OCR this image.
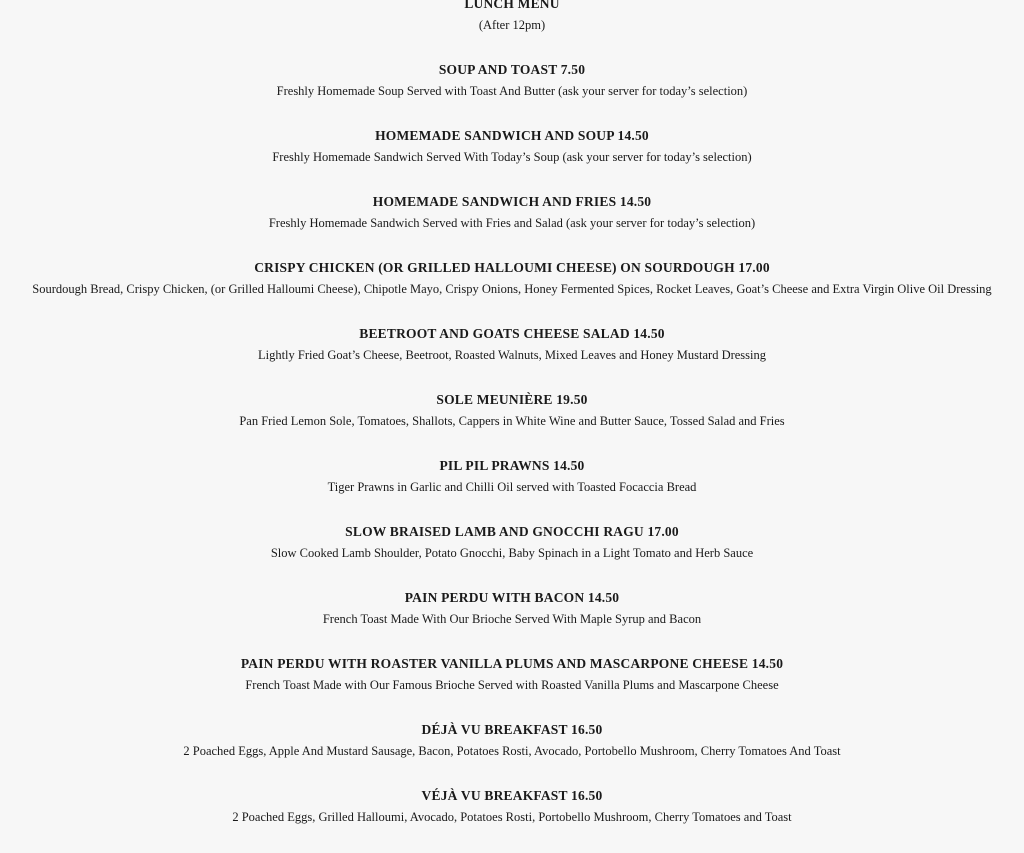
LUNCH MENU
(After 12pm)
SOUP AND TOAST 7.50
Freshly Homemade Soup Served with Toast And Butter (ask your server for today’s selection)
HOMEMADE SANDWICH AND SOUP 14.50
Freshly Homemade Sandwich Served With Today’s Soup (ask your server for today’s selection)
HOMEMADE SANDWICH AND FRIES 14.50
Freshly Homemade Sandwich Served with Fries and Salad (ask your server for today’s selection)
CRISPY CHICKEN (OR GRILLED HALLOUMI CHEESE) ON SOURDOUGH 17.00
Sourdough Bread, Crispy Chicken, (or Grilled Halloumi Cheese), Chipotle Mayo, Crispy Onions, Honey Fermented Spices, Rocket Leaves, Goat’s Cheese and Extra Virgin Olive Oil Dressing
BEETROOT AND GOATS CHEESE SALAD 14.50
Lightly Fried Goat’s Cheese, Beetroot, Roasted Walnuts, Mixed Leaves and Honey Mustard Dressing
SOLE MEUNIÈRE 19.50
Pan Fried Lemon Sole, Tomatoes, Shallots, Cappers in White Wine and Butter Sauce, Tossed Salad and Fries
PIL PIL PRAWNS 14.50
Tiger Prawns in Garlic and Chilli Oil served with Toasted Focaccia Bread
SLOW BRAISED LAMB AND GNOCCHI RAGU 17.00
Slow Cooked Lamb Shoulder, Potato Gnocchi, Baby Spinach in a Light Tomato and Herb Sauce
PAIN PERDU WITH BACON 14.50
French Toast Made With Our Brioche Served With Maple Syrup and Bacon
PAIN PERDU WITH ROASTER VANILLA PLUMS AND MASCARPONE CHEESE 14.50
French Toast Made with Our Famous Brioche Served with Roasted Vanilla Plums and Mascarpone Cheese
DÉJÀ VU BREAKFAST 16.50
2 Poached Eggs, Apple And Mustard Sausage, Bacon, Potatoes Rosti, Avocado, Portobello Mushroom, Cherry Tomatoes And Toast
VÉJÀ VU BREAKFAST 16.50
2 Poached Eggs, Grilled Halloumi, Avocado, Potatoes Rosti, Portobello Mushroom, Cherry Tomatoes and Toast
